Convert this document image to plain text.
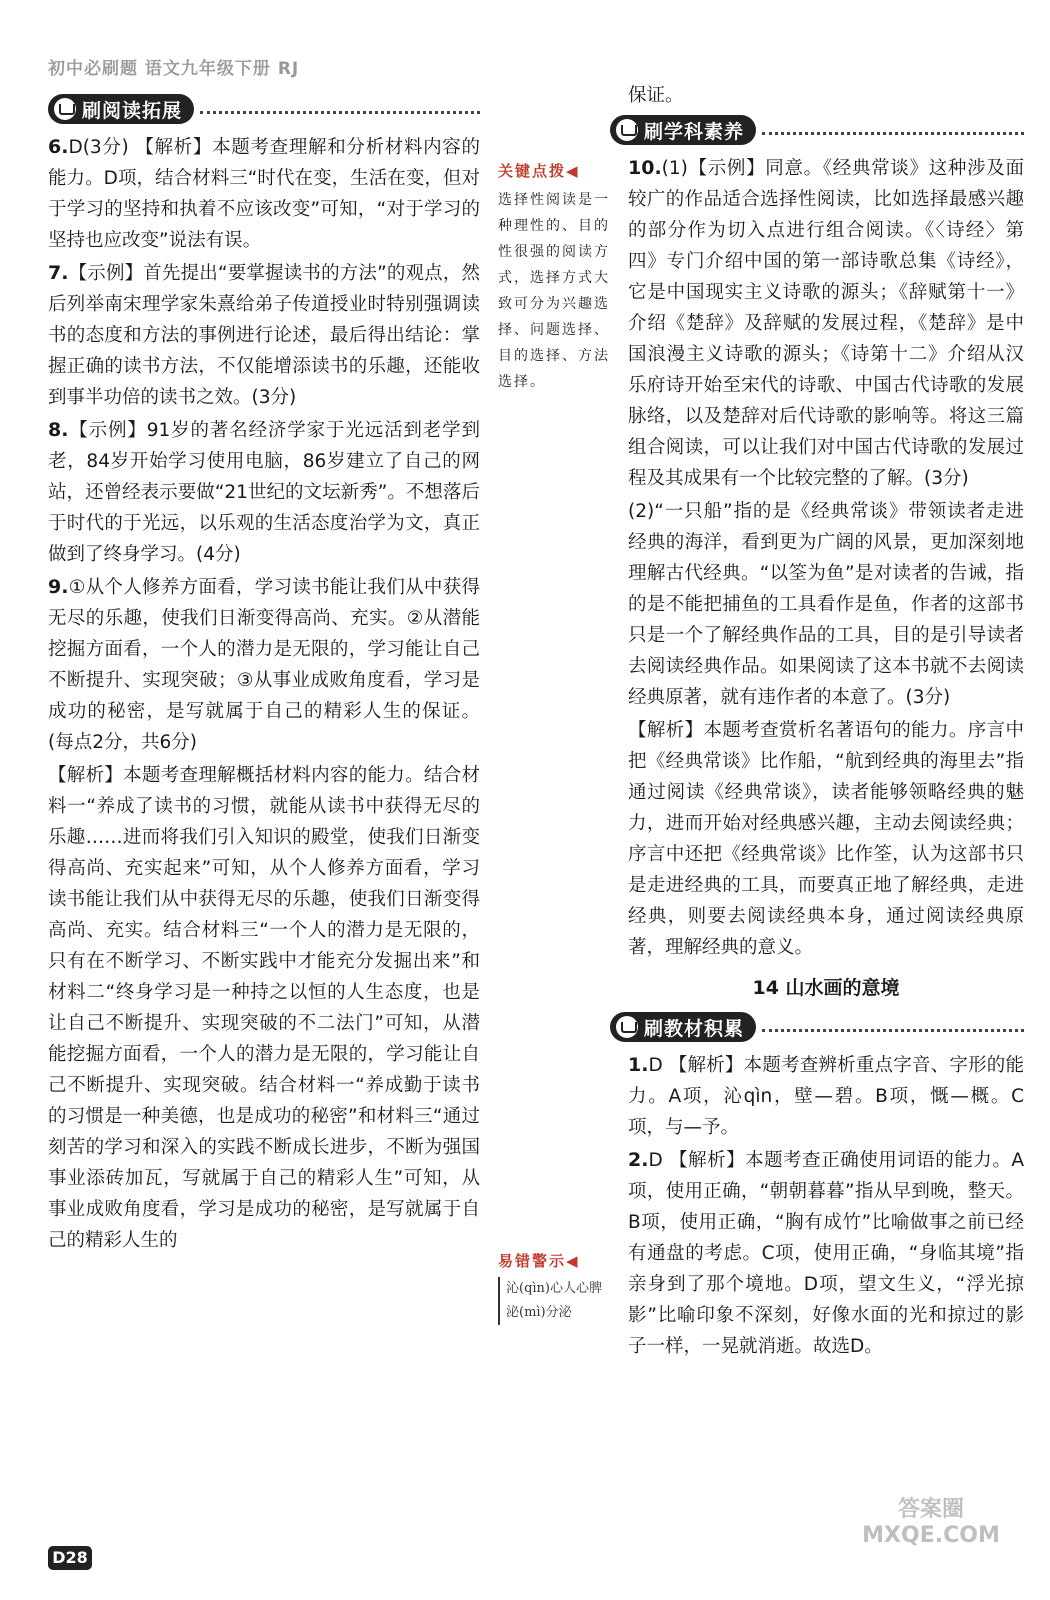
初中必刷题 语文九年级下册 RJ
刷阅读拓展
6.D(3分) 【解析】本题考查理解和分析材料内容的能力。D项，结合材料三“时代在变，生活在变，但对于学习的坚持和执着不应该改变”可知，“对于学习的坚持也应改变”说法有误。
7.【示例】首先提出“要掌握读书的方法”的观点，然后列举南宋理学家朱熹给弟子传道授业时特别强调读书的态度和方法的事例进行论述，最后得出结论：掌握正确的读书方法，不仅能增添读书的乐趣，还能收到事半功倍的读书之效。(3分)
8.【示例】91岁的著名经济学家于光远活到老学到老，84岁开始学习使用电脑，86岁建立了自己的网站，还曾经表示要做“21世纪的文坛新秀”。不想落后于时代的于光远，以乐观的生活态度治学为文，真正做到了终身学习。(4分)
9.①从个人修养方面看，学习读书能让我们从中获得无尽的乐趣，使我们日渐变得高尚、充实。②从潜能挖掘方面看，一个人的潜力是无限的，学习能让自己不断提升、实现突破；③从事业成败角度看，学习是成功的秘密，是写就属于自己的精彩人生的保证。(每点2分，共6分)
【解析】本题考查理解概括材料内容的能力。结合材料一“养成了读书的习惯，就能从读书中获得无尽的乐趣……进而将我们引入知识的殿堂，使我们日渐变得高尚、充实起来”可知，从个人修养方面看，学习读书能让我们从中获得无尽的乐趣，使我们日渐变得高尚、充实。结合材料三“一个人的潜力是无限的，只有在不断学习、不断实践中才能充分发掘出来”和材料二“终身学习是一种持之以恒的人生态度，也是让自己不断提升、实现突破的不二法门”可知，从潜能挖掘方面看，一个人的潜力是无限的，学习能让自己不断提升、实现突破。结合材料一“养成勤于读书的习惯是一种美德，也是成功的秘密”和材料三“通过刻苦的学习和深入的实践不断成长进步，不断为强国事业添砖加瓦，写就属于自己的精彩人生”可知，从事业成败角度看，学习是成功的秘密，是写就属于自己的精彩人生的
关键点拨◀
选择性阅读是一种理性的、目的性很强的阅读方式，选择方式大致可分为兴趣选择、问题选择、目的选择、方法选择。
易错警示◀
沁(qìn)心人心脾
泌(mì)分泌
保证。
刷学科素养
10.(1)【示例】同意。《经典常谈》这种涉及面较广的作品适合选择性阅读，比如选择最感兴趣的部分作为切入点进行组合阅读。《〈诗经〉第四》专门介绍中国的第一部诗歌总集《诗经》，它是中国现实主义诗歌的源头；《辞赋第十一》介绍《楚辞》及辞赋的发展过程，《楚辞》是中国浪漫主义诗歌的源头；《诗第十二》介绍从汉乐府诗开始至宋代的诗歌、中国古代诗歌的发展脉络，以及楚辞对后代诗歌的影响等。将这三篇组合阅读，可以让我们对中国古代诗歌的发展过程及其成果有一个比较完整的了解。(3分)
(2)“一只船”指的是《经典常谈》带领读者走进经典的海洋，看到更为广阔的风景，更加深刻地理解古代经典。“以筌为鱼”是对读者的告诫，指的是不能把捕鱼的工具看作是鱼，作者的这部书只是一个了解经典作品的工具，目的是引导读者去阅读经典作品。如果阅读了这本书就不去阅读经典原著，就有违作者的本意了。(3分)
【解析】本题考查赏析名著语句的能力。序言中把《经典常谈》比作船，“航到经典的海里去”指通过阅读《经典常谈》，读者能够领略经典的魅力，进而开始对经典感兴趣，主动去阅读经典；序言中还把《经典常谈》比作筌，认为这部书只是走进经典的工具，而要真正地了解经典，走进经典，则要去阅读经典本身，通过阅读经典原著，理解经典的意义。
14 山水画的意境
刷教材积累
1.D 【解析】本题考查辨析重点字音、字形的能力。A项，沁qìn，壁—碧。B项，慨—概。C项，与—予。
2.D 【解析】本题考查正确使用词语的能力。A项，使用正确，“朝朝暮暮”指从早到晚，整天。B项，使用正确，“胸有成竹”比喻做事之前已经有通盘的考虑。C项，使用正确，“身临其境”指亲身到了那个境地。D项，望文生义，“浮光掠影”比喻印象不深刻，好像水面的光和掠过的影子一样，一晃就消逝。故选D。
D28
答案圈 MXQE.COM
